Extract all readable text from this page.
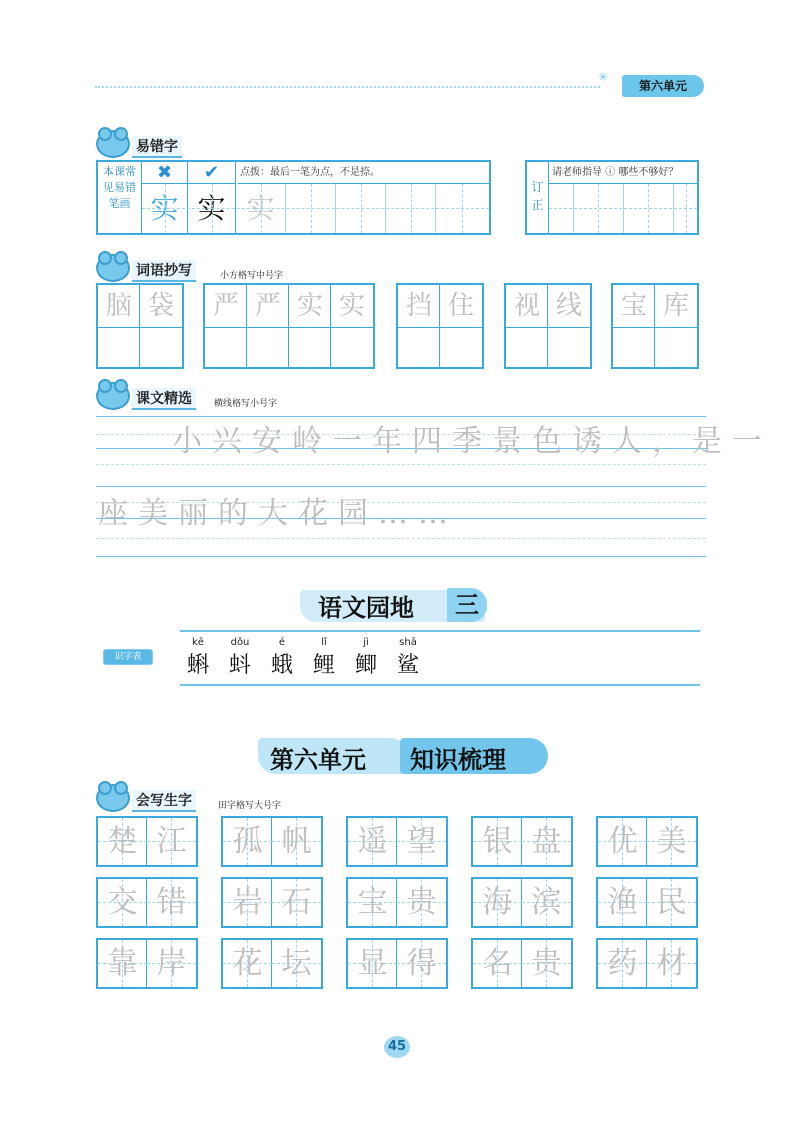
✳
第六单元
易错字
本课常见易错笔画
✖	✔	点拨：最后一笔为点，不是捺。
实 实 实
订正
请老师指导 ⓘ 哪些不够好？
词语抄写	小方格写中号字
脑 袋	严 严 实 实	挡 住	视 线	宝 库
课文精选	横线格写小号字
小兴安岭一年四季景色诱人，是一
座美丽的大花园……
语文园地	三
识字表
kē	dǒu	é	lǐ	jì	shā
蝌 蚪 蛾 鲤 鲫 鲨
第六单元 知识梳理
会写生字	田字格写大号字
楚 江	孤 帆	遥 望	银 盘	优 美
交 错	岩 石	宝 贵	海 滨	渔 民
靠 岸	花 坛	显 得	名 贵	药 材
45
